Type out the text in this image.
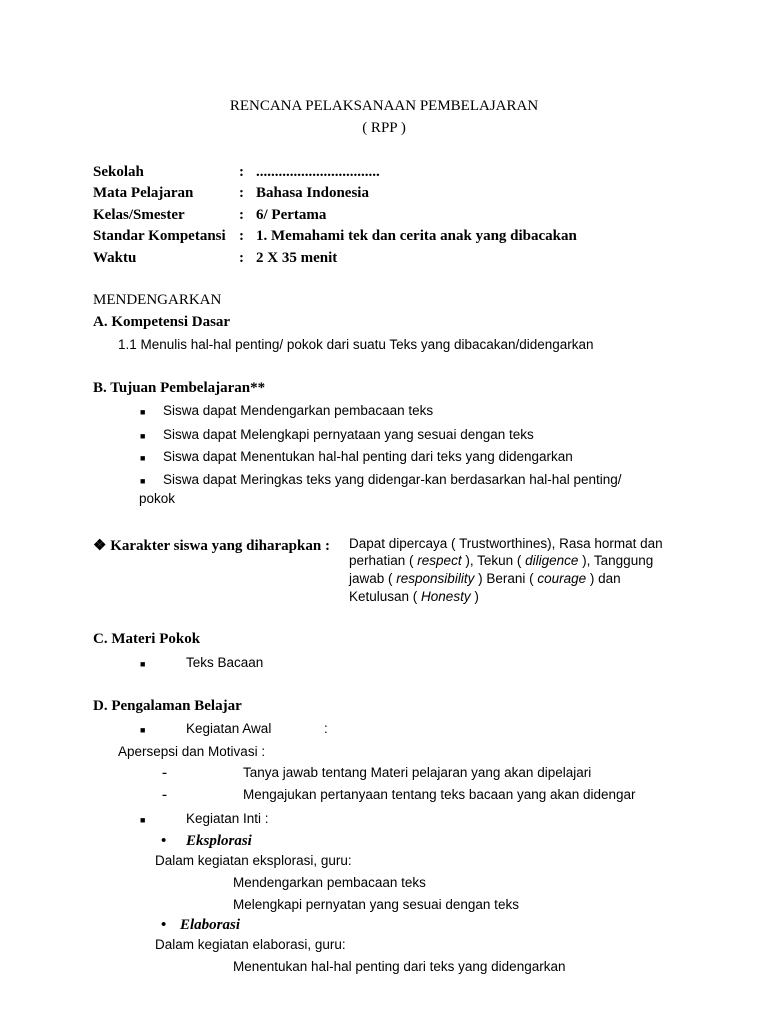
RENCANA PELAKSANAAN PEMBELAJARAN
( RPP )
Sekolah	: .................................
Mata Pelajaran	: Bahasa Indonesia
Kelas/Smester	: 6/ Pertama
Standar Kompetansi : 1. Memahami tek dan cerita anak yang dibacakan
Waktu	: 2 X 35 menit
MENDENGARKAN
A. Kompetensi Dasar
1.1 Menulis hal-hal penting/ pokok dari suatu Teks yang dibacakan/didengarkan
B. Tujuan Pembelajaran**
■ Siswa dapat Mendengarkan pembacaan teks
■ Siswa dapat Melengkapi pernyataan yang sesuai dengan teks
■ Siswa dapat Menentukan hal-hal penting dari teks yang didengarkan
■ Siswa dapat Meringkas teks yang didengar-kan berdasarkan hal-hal penting/
pokok
❖ Karakter siswa yang diharapkan : Dapat dipercaya ( Trustworthines), Rasa hormat dan
perhatian ( respect ), Tekun ( diligence ), Tanggung
jawab ( responsibility ) Berani ( courage ) dan
Ketulusan ( Honesty )
C. Materi Pokok
■	Teks Bacaan
D. Pengalaman Belajar
■	Kegiatan Awal	:
Apersepsi dan Motivasi :
-	Tanya jawab tentang Materi pelajaran yang akan dipelajari
-	Mengajukan pertanyaan tentang teks bacaan yang akan didengar
■	Kegiatan Inti :
• Eksplorasi
Dalam kegiatan eksplorasi, guru:
Mendengarkan pembacaan teks
Melengkapi pernyatan yang sesuai dengan teks
• Elaborasi
Dalam kegiatan elaborasi, guru:
Menentukan hal-hal penting dari teks yang didengarkan
